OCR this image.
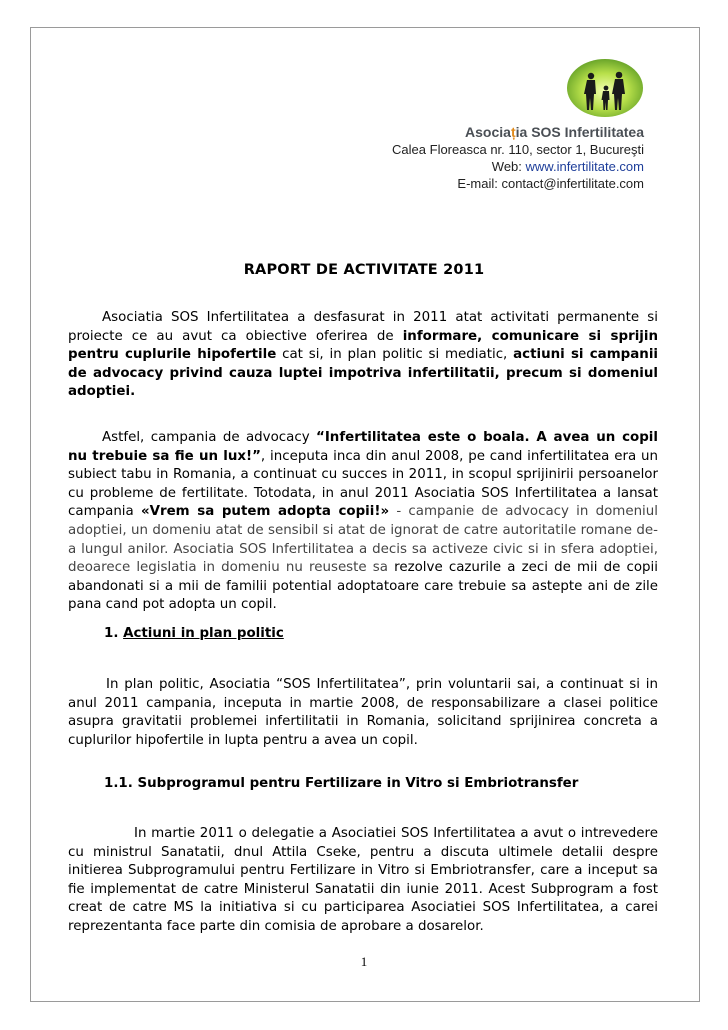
Asociația SOS Infertilitatea
Calea Floreasca nr. 110, sector 1, Bucureşti
Web: www.infertilitate.com
E-mail: contact@infertilitate.com
RAPORT DE ACTIVITATE 2011

Asociatia SOS Infertilitatea a desfasurat in 2011 atat activitati permanente si proiecte ce au avut ca obiective oferirea de informare, comunicare si sprijin pentru cuplurile hipofertile cat si, in plan politic si mediatic, actiuni si campanii de advocacy privind cauza luptei impotriva infertilitatii, precum si domeniul adoptiei.

Astfel, campania de advocacy “Infertilitatea este o boala. A avea un copil nu trebuie sa fie un lux!”, inceputa inca din anul 2008, pe cand infertilitatea era un subiect tabu in Romania, a continuat cu succes in 2011, in scopul sprijinirii persoanelor cu probleme de fertilitate. Totodata, in anul 2011 Asociatia SOS Infertilitatea a lansat campania «Vrem sa putem adopta copii!» - campanie de advocacy in domeniul adoptiei, un domeniu atat de sensibil si atat de ignorat de catre autoritatile romane de-a lungul anilor. Asociatia SOS Infertilitatea a decis sa activeze civic si in sfera adoptiei, deoarece legislatia in domeniu nu reuseste sa rezolve cazurile a zeci de mii de copii abandonati si a mii de familii potential adoptatoare care trebuie sa astepte ani de zile pana cand pot adopta un copil.

1. Actiuni in plan politic

In plan politic, Asociatia “SOS Infertilitatea”, prin voluntarii sai, a continuat si in anul 2011 campania, inceputa in martie 2008, de responsabilizare a clasei politice asupra gravitatii problemei infertilitatii in Romania, solicitand sprijinirea concreta a cuplurilor hipofertile in lupta pentru a avea un copil.

1.1. Subprogramul pentru Fertilizare in Vitro si Embriotransfer

In martie 2011 o delegatie a Asociatiei SOS Infertilitatea a avut o intrevedere cu ministrul Sanatatii, dnul Attila Cseke, pentru a discuta ultimele detalii despre initierea Subprogramului pentru Fertilizare in Vitro si Embriotransfer, care a inceput sa fie implementat de catre Ministerul Sanatatii din iunie 2011. Acest Subprogram a fost creat de catre MS la initiativa si cu participarea Asociatiei SOS Infertilitatea, a carei reprezentanta face parte din comisia de aprobare a dosarelor.

1
